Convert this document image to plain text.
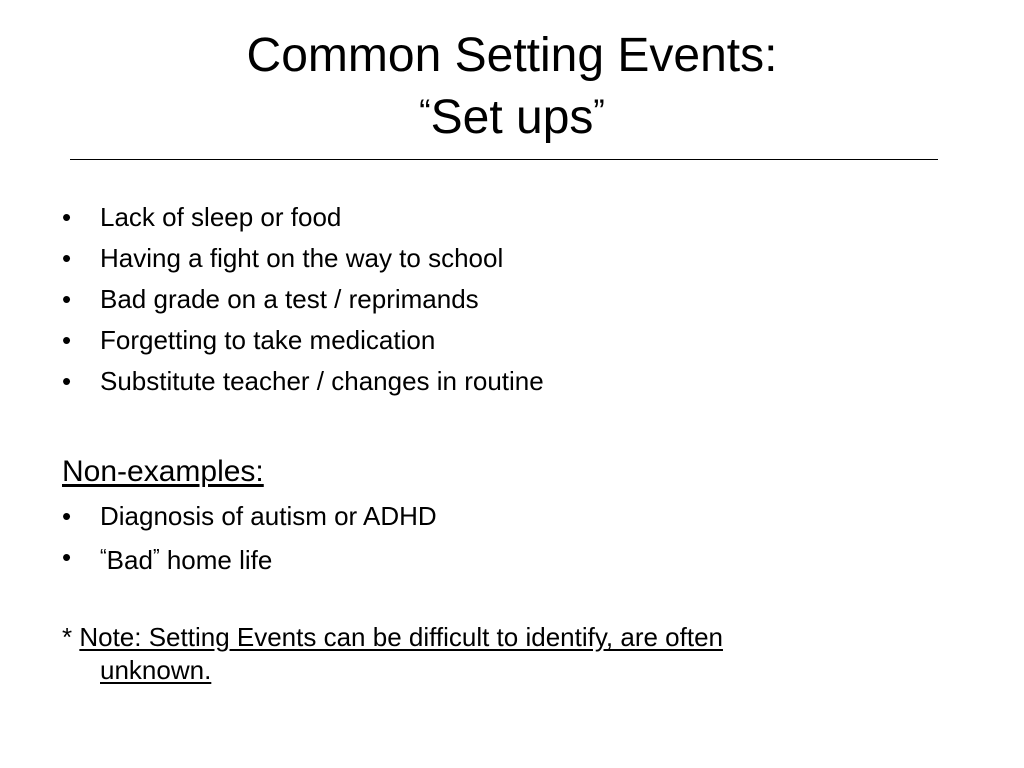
Common Setting Events:
“Set ups”
• Lack of sleep or food
• Having a fight on the way to school
• Bad grade on a test / reprimands
• Forgetting to take medication
• Substitute teacher / changes in routine
Non-examples:
• Diagnosis of autism or ADHD
• “Bad” home life
* Note: Setting Events can be difficult to identify, are often
unknown.
